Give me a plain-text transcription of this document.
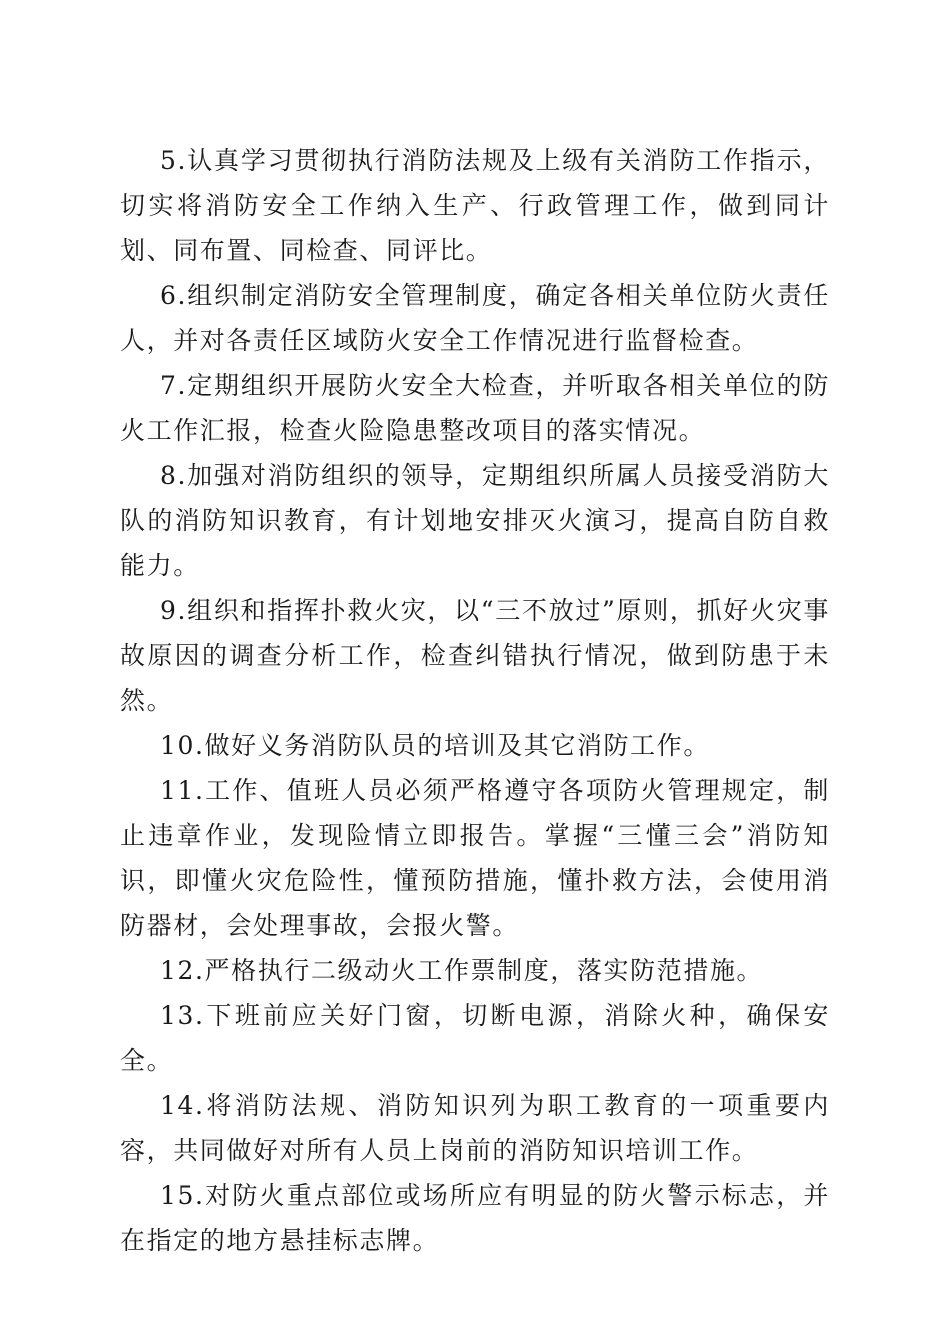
5.认真学习贯彻执行消防法规及上级有关消防工作指示，切实将消防安全工作纳入生产、行政管理工作，做到同计划、同布置、同检查、同评比。

6.组织制定消防安全管理制度，确定各相关单位防火责任人，并对各责任区域防火安全工作情况进行监督检查。

7.定期组织开展防火安全大检查，并听取各相关单位的防火工作汇报，检查火险隐患整改项目的落实情况。

8.加强对消防组织的领导，定期组织所属人员接受消防大队的消防知识教育，有计划地安排灭火演习，提高自防自救能力。

9.组织和指挥扑救火灾，以“三不放过”原则，抓好火灾事故原因的调查分析工作，检查纠错执行情况，做到防患于未然。

10.做好义务消防队员的培训及其它消防工作。

11.工作、值班人员必须严格遵守各项防火管理规定，制止违章作业，发现险情立即报告。掌握“三懂三会”消防知识，即懂火灾危险性，懂预防措施，懂扑救方法，会使用消防器材，会处理事故，会报火警。

12.严格执行二级动火工作票制度，落实防范措施。

13.下班前应关好门窗，切断电源，消除火种，确保安全。

14.将消防法规、消防知识列为职工教育的一项重要内容，共同做好对所有人员上岗前的消防知识培训工作。

15.对防火重点部位或场所应有明显的防火警示标志，并在指定的地方悬挂标志牌。
